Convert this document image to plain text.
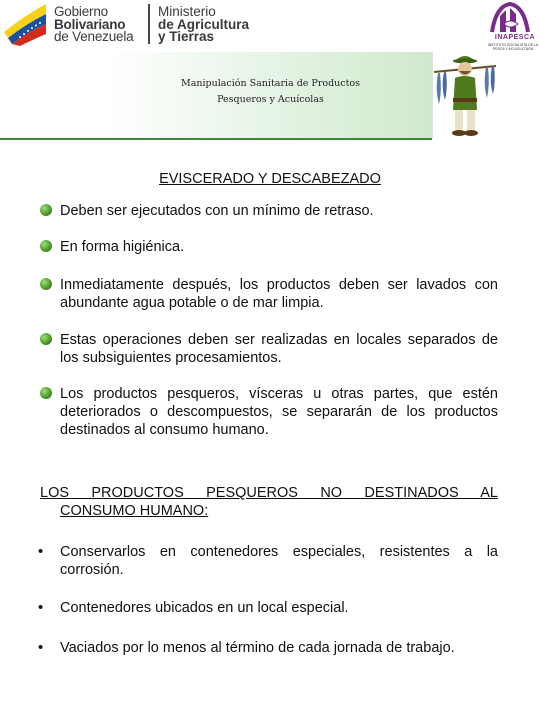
Gobierno
Bolivariano
de Venezuela
Ministerio
de Agricultura
y Tierras	INAPESCA
INSTITUTO SOCIALISTA DE LA PESCA Y ACUICULTURA
Manipulación Sanitaria de Productos
Pesqueros y Acuícolas
EVISCERADO Y DESCABEZADO
Deben ser ejecutados con un mínimo de retraso.
En forma higiénica.
Inmediatamente después, los productos deben ser lavados con abundante agua potable o de mar limpia.
Estas operaciones deben ser realizadas en locales separados de los subsiguientes procesamientos.
Los productos pesqueros, vísceras u otras partes, que estén deteriorados o descompuestos, se separarán de los productos destinados al consumo humano.
LOS PRODUCTOS PESQUEROS NO DESTINADOS AL
CONSUMO HUMANO:
• Conservarlos en contenedores especiales, resistentes a la corrosión.
• Contenedores ubicados en un local especial.
• Vaciados por lo menos al término de cada jornada de trabajo.
